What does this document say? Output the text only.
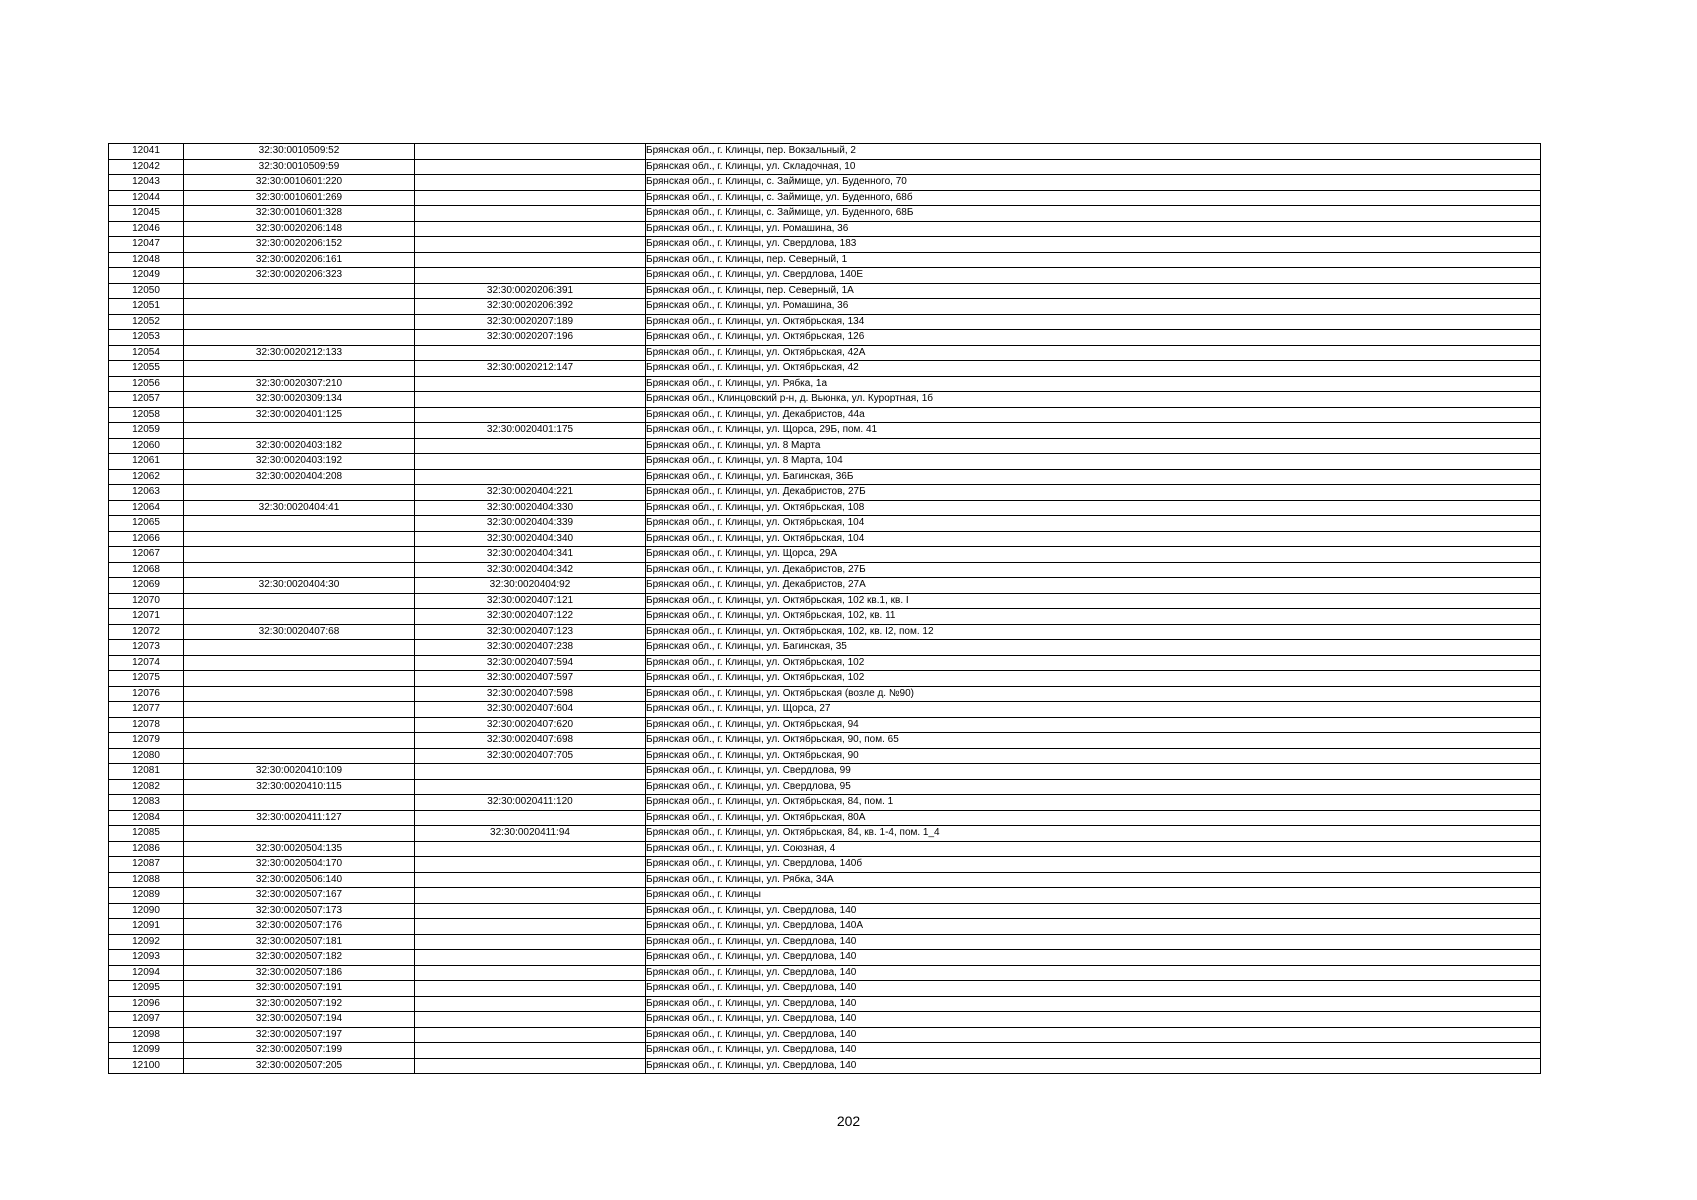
12041	32:30:0010509:52		Брянская обл., г. Клинцы, пер. Вокзальный, 2
12042	32:30:0010509:59		Брянская обл., г. Клинцы, ул. Складочная, 10
12043	32:30:0010601:220		Брянская обл., г. Клинцы, с. Займище, ул. Буденного, 70
12044	32:30:0010601:269		Брянская обл., г. Клинцы, с. Займище, ул. Буденного, 68б
12045	32:30:0010601:328		Брянская обл., г. Клинцы, с. Займище, ул. Буденного, 68Б
12046	32:30:0020206:148		Брянская обл., г. Клинцы, ул. Ромашина, 36
12047	32:30:0020206:152		Брянская обл., г. Клинцы, ул. Свердлова, 183
12048	32:30:0020206:161		Брянская обл., г. Клинцы, пер. Северный, 1
12049	32:30:0020206:323		Брянская обл., г. Клинцы, ул. Свердлова, 140Е
12050		32:30:0020206:391	Брянская обл., г. Клинцы, пер. Северный, 1А
12051		32:30:0020206:392	Брянская обл., г. Клинцы, ул. Ромашина, 36
12052		32:30:0020207:189	Брянская обл., г. Клинцы, ул. Октябрьская, 134
12053		32:30:0020207:196	Брянская обл., г. Клинцы, ул. Октябрьская, 126
12054	32:30:0020212:133		Брянская обл., г. Клинцы, ул. Октябрьская, 42А
12055		32:30:0020212:147	Брянская обл., г. Клинцы, ул. Октябрьская, 42
12056	32:30:0020307:210		Брянская обл., г. Клинцы, ул. Рябка, 1а
12057	32:30:0020309:134		Брянская обл., Клинцовский р-н, д. Вьюнка, ул. Курортная, 1б
12058	32:30:0020401:125		Брянская обл., г. Клинцы, ул. Декабристов, 44а
12059		32:30:0020401:175	Брянская обл., г. Клинцы, ул. Щорса, 29Б, пом. 41
12060	32:30:0020403:182		Брянская обл., г. Клинцы, ул. 8 Марта
12061	32:30:0020403:192		Брянская обл., г. Клинцы, ул. 8 Марта, 104
12062	32:30:0020404:208		Брянская обл., г. Клинцы, ул. Багинская, 36Б
12063		32:30:0020404:221	Брянская обл., г. Клинцы, ул. Декабристов, 27Б
12064	32:30:0020404:41	32:30:0020404:330	Брянская обл., г. Клинцы, ул. Октябрьская, 108
12065		32:30:0020404:339	Брянская обл., г. Клинцы, ул. Октябрьская, 104
12066		32:30:0020404:340	Брянская обл., г. Клинцы, ул. Октябрьская, 104
12067		32:30:0020404:341	Брянская обл., г. Клинцы, ул. Щорса, 29А
12068		32:30:0020404:342	Брянская обл., г. Клинцы, ул. Декабристов, 27Б
12069	32:30:0020404:30	32:30:0020404:92	Брянская обл., г. Клинцы, ул. Декабристов, 27А
12070		32:30:0020407:121	Брянская обл., г. Клинцы, ул. Октябрьская, 102 кв.1, кв. I
12071		32:30:0020407:122	Брянская обл., г. Клинцы, ул. Октябрьская, 102, кв. 11
12072	32:30:0020407:68	32:30:0020407:123	Брянская обл., г. Клинцы, ул. Октябрьская, 102, кв. I2, пом. 12
12073		32:30:0020407:238	Брянская обл., г. Клинцы, ул. Багинская, 35
12074		32:30:0020407:594	Брянская обл., г. Клинцы, ул. Октябрьская, 102
12075		32:30:0020407:597	Брянская обл., г. Клинцы, ул. Октябрьская, 102
12076		32:30:0020407:598	Брянская обл., г. Клинцы, ул. Октябрьская (возле д. №90)
12077		32:30:0020407:604	Брянская обл., г. Клинцы, ул. Щорса, 27
12078		32:30:0020407:620	Брянская обл., г. Клинцы, ул. Октябрьская, 94
12079		32:30:0020407:698	Брянская обл., г. Клинцы, ул. Октябрьская, 90, пом. 65
12080		32:30:0020407:705	Брянская обл., г. Клинцы, ул. Октябрьская, 90
12081	32:30:0020410:109		Брянская обл., г. Клинцы, ул. Свердлова, 99
12082	32:30:0020410:115		Брянская обл., г. Клинцы, ул. Свердлова, 95
12083		32:30:0020411:120	Брянская обл., г. Клинцы, ул. Октябрьская, 84, пом. 1
12084	32:30:0020411:127		Брянская обл., г. Клинцы, ул. Октябрьская, 80А
12085		32:30:0020411:94	Брянская обл., г. Клинцы, ул. Октябрьская, 84, кв. 1-4, пом. 1_4
12086	32:30:0020504:135		Брянская обл., г. Клинцы, ул. Союзная, 4
12087	32:30:0020504:170		Брянская обл., г. Клинцы, ул. Свердлова, 140б
12088	32:30:0020506:140		Брянская обл., г. Клинцы, ул. Рябка, 34А
12089	32:30:0020507:167		Брянская обл., г. Клинцы
12090	32:30:0020507:173		Брянская обл., г. Клинцы, ул. Свердлова, 140
12091	32:30:0020507:176		Брянская обл., г. Клинцы, ул. Свердлова, 140А
12092	32:30:0020507:181		Брянская обл., г. Клинцы, ул. Свердлова, 140
12093	32:30:0020507:182		Брянская обл., г. Клинцы, ул. Свердлова, 140
12094	32:30:0020507:186		Брянская обл., г. Клинцы, ул. Свердлова, 140
12095	32:30:0020507:191		Брянская обл., г. Клинцы, ул. Свердлова, 140
12096	32:30:0020507:192		Брянская обл., г. Клинцы, ул. Свердлова, 140
12097	32:30:0020507:194		Брянская обл., г. Клинцы, ул. Свердлова, 140
12098	32:30:0020507:197		Брянская обл., г. Клинцы, ул. Свердлова, 140
12099	32:30:0020507:199		Брянская обл., г. Клинцы, ул. Свердлова, 140
12100	32:30:0020507:205		Брянская обл., г. Клинцы, ул. Свердлова, 140
202
